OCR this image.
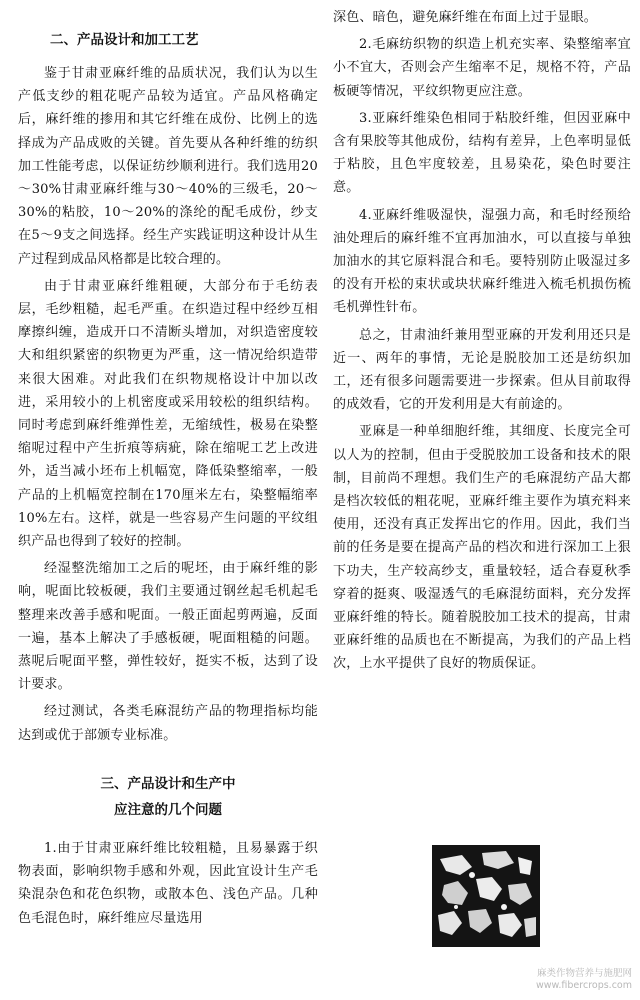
二、产品设计和加工工艺

鉴于甘肃亚麻纤维的品质状况，我们认为以生产低支纱的粗花呢产品较为适宜。产品风格确定后，麻纤维的掺用和其它纤维在成份、比例上的选择成为产品成败的关键。首先要从各种纤维的纺织加工性能考虑，以保证纺纱顺利进行。我们选用20～30%甘肃亚麻纤维与30～40%的三级毛，20～30%的粘胶，10～20%的涤纶的配毛成份，纱支在5～9支之间选择。经生产实践证明这种设计从生产过程到成品风格都是比较合理的。

由于甘肃亚麻纤维粗硬，大部分布于毛纺表层，毛纱粗糙，起毛严重。在织造过程中经纱互相摩擦纠缠，造成开口不清断头增加，对织造密度较大和组织紧密的织物更为严重，这一情况给织造带来很大困难。对此我们在织物规格设计中加以改进，采用较小的上机密度或采用较松的组织结构。同时考虑到麻纤维弹性差，无缩绒性，极易在染整缩呢过程中产生折痕等病疵，除在缩呢工艺上改进外，适当减小坯布上机幅宽，降低染整缩率，一般产品的上机幅宽控制在170厘米左右，染整幅缩率10%左右。这样，就是一些容易产生问题的平纹组织产品也得到了较好的控制。

经湿整洗缩加工之后的呢坯，由于麻纤维的影响，呢面比较板硬，我们主要通过钢丝起毛机起毛整理来改善手感和呢面。一般正面起剪两遍，反面一遍，基本上解决了手感板硬，呢面粗糙的问题。蒸呢后呢面平整，弹性较好，挺实不板，达到了设计要求。

经过测试，各类毛麻混纺产品的物理指标均能达到或优于部颁专业标准。

三、产品设计和生产中
应注意的几个问题

1.由于甘肃亚麻纤维比较粗糙，且易暴露于织物表面，影响织物手感和外观，因此宜设计生产毛染混杂色和花色织物，或散本色、浅色产品。几种色毛混色时，麻纤维应尽量选用

深色、暗色，避免麻纤维在布面上过于显眼。

2.毛麻纺织物的织造上机充实率、染整缩率宜小不宜大，否则会产生缩率不足，规格不符，产品板硬等情况，平纹织物更应注意。

3.亚麻纤维染色相同于粘胶纤维，但因亚麻中含有果胶等其他成份，结构有差异，上色率明显低于粘胶，且色牢度较差，且易染花，染色时要注意。

4.亚麻纤维吸湿快，湿强力高，和毛时经预给油处理后的麻纤维不宜再加油水，可以直接与单独加油水的其它原料混合和毛。要特别防止吸湿过多的没有开松的束状或块状麻纤维进入梳毛机损伤梳毛机弹性针布。

总之，甘肃油纤兼用型亚麻的开发利用还只是近一、两年的事情，无论是脱胶加工还是纺织加工，还有很多问题需要进一步探索。但从目前取得的成效看，它的开发利用是大有前途的。

亚麻是一种单细胞纤维，其细度、长度完全可以人为的控制，但由于受脱胶加工设备和技术的限制，目前尚不理想。我们生产的毛麻混纺产品大都是档次较低的粗花呢，亚麻纤维主要作为填充料来使用，还没有真正发挥出它的作用。因此，我们当前的任务是要在提高产品的档次和进行深加工上狠下功夫，生产较高纱支，重量较轻，适合春夏秋季穿着的挺爽、吸湿透气的毛麻混纺面料，充分发挥亚麻纤维的特长。随着脱胶加工技术的提高，甘肃亚麻纤维的品质也在不断提高，为我们的产品上档次，上水平提供了良好的物质保证。

麻类作物营养与施肥网
www.fibercrops.com
